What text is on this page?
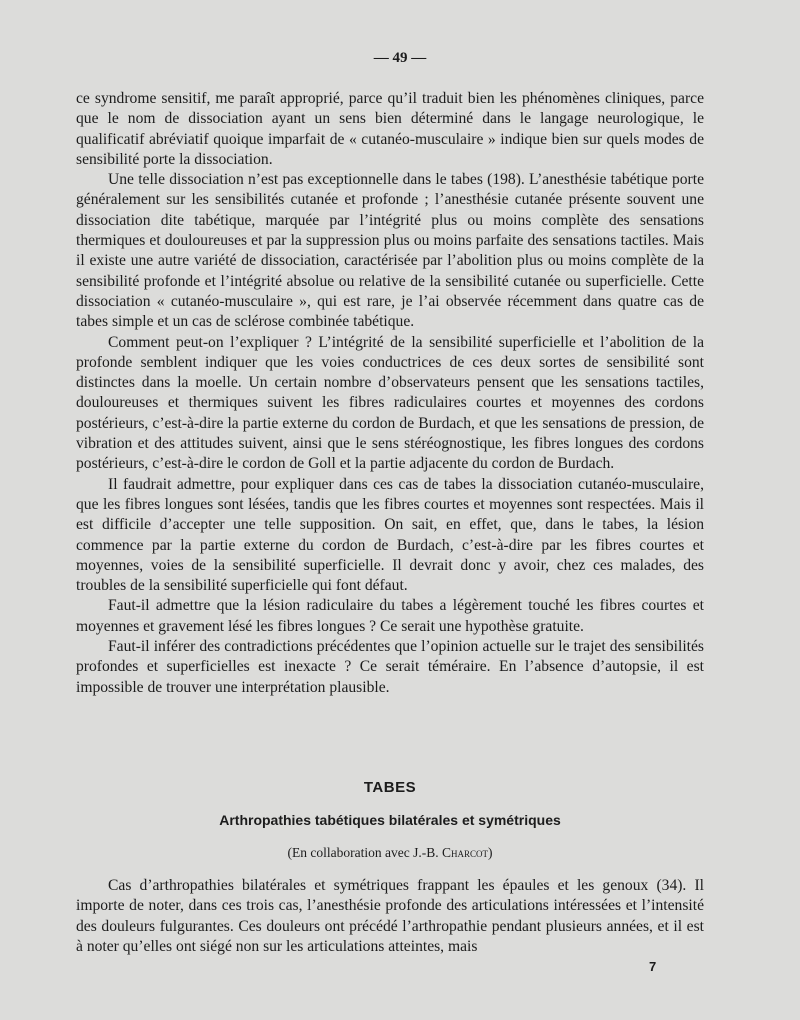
— 49 —

ce syndrome sensitif, me paraît approprié, parce qu’il traduit bien les phénomènes cliniques, parce que le nom de dissociation ayant un sens bien déterminé dans le langage neurologique, le qualificatif abréviatif quoique imparfait de « cutanéo-musculaire » indique bien sur quels modes de sensibilité porte la dissociation.

Une telle dissociation n’est pas exceptionnelle dans le tabes (198). L’anesthésie tabétique porte généralement sur les sensibilités cutanée et profonde ; l’anesthésie cutanée présente souvent une dissociation dite tabétique, marquée par l’intégrité plus ou moins complète des sensations thermiques et douloureuses et par la suppression plus ou moins parfaite des sensations tactiles. Mais il existe une autre variété de dissociation, caractérisée par l’abolition plus ou moins complète de la sensibilité profonde et l’intégrité absolue ou relative de la sensibilité cutanée ou superficielle. Cette dissociation « cutanéo-musculaire », qui est rare, je l’ai observée récemment dans quatre cas de tabes simple et un cas de sclérose combinée tabétique.

Comment peut-on l’expliquer ? L’intégrité de la sensibilité superficielle et l’abolition de la profonde semblent indiquer que les voies conductrices de ces deux sortes de sensibilité sont distinctes dans la moelle. Un certain nombre d’observateurs pensent que les sensations tactiles, douloureuses et thermiques suivent les fibres radiculaires courtes et moyennes des cordons postérieurs, c’est-à-dire la partie externe du cordon de Burdach, et que les sensations de pression, de vibration et des attitudes suivent, ainsi que le sens stéréognostique, les fibres longues des cordons postérieurs, c’est-à-dire le cordon de Goll et la partie adjacente du cordon de Burdach.

Il faudrait admettre, pour expliquer dans ces cas de tabes la dissociation cutanéo-musculaire, que les fibres longues sont lésées, tandis que les fibres courtes et moyennes sont respectées. Mais il est difficile d’accepter une telle supposition. On sait, en effet, que, dans le tabes, la lésion commence par la partie externe du cordon de Burdach, c’est-à-dire par les fibres courtes et moyennes, voies de la sensibilité superficielle. Il devrait donc y avoir, chez ces malades, des troubles de la sensibilité superficielle qui font défaut.

Faut-il admettre que la lésion radiculaire du tabes a légèrement touché les fibres courtes et moyennes et gravement lésé les fibres longues ? Ce serait une hypothèse gratuite.

Faut-il inférer des contradictions précédentes que l’opinion actuelle sur le trajet des sensibilités profondes et superficielles est inexacte ? Ce serait téméraire. En l’absence d’autopsie, il est impossible de trouver une interprétation plausible.

TABES
Arthropathies tabétiques bilatérales et symétriques
(En collaboration avec J.-B. Charcot)

Cas d’arthropathies bilatérales et symétriques frappant les épaules et les genoux (34). Il importe de noter, dans ces trois cas, l’anesthésie profonde des articulations intéressées et l’intensité des douleurs fulgurantes. Ces douleurs ont précédé l’arthropathie pendant plusieurs années, et il est à noter qu’elles ont siégé non sur les articulations atteintes, mais

7
